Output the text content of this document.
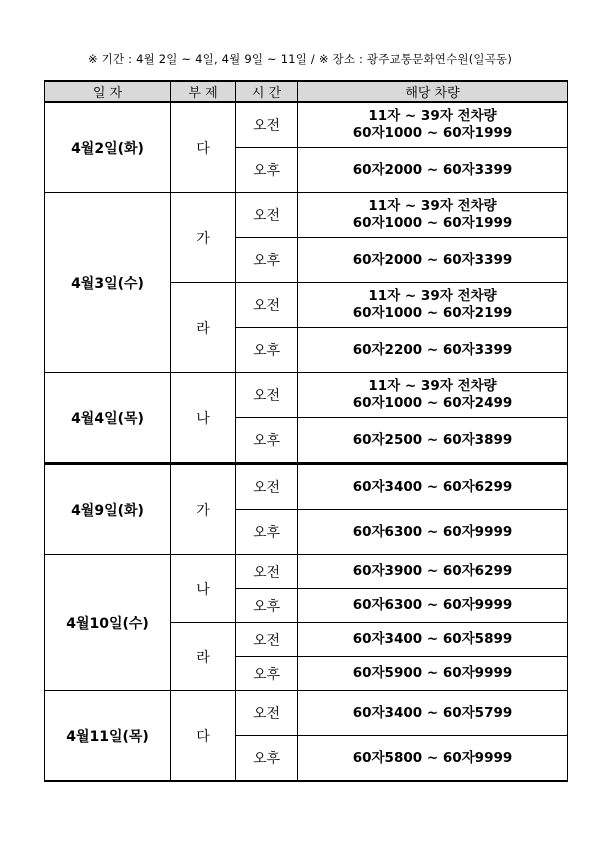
※ 기간 : 4월 2일 ~ 4일, 4월 9일 ~ 11일 / ※ 장소 : 광주교통문화연수원(일곡동)
일 자	부 제	시 간	해당 차량
4월2일(화)	다	오전	11자 ~ 39자 전차량
60자1000 ~ 60자1999

		오후	60자2000 ~ 60자3399
4월3일(수)	가	오전	11자 ~ 39자 전차량
60자1000 ~ 60자1999

		오후	60자2000 ~ 60자3399
	라	오전	11자 ~ 39자 전차량
60자1000 ~ 60자2199

		오후	60자2200 ~ 60자3399
4월4일(목)	나	오전	11자 ~ 39자 전차량
60자1000 ~ 60자2499

		오후	60자2500 ~ 60자3899
4월9일(화)	가	오전	60자3400 ~ 60자6299
		오후	60자6300 ~ 60자9999
4월10일(수)	나	오전	60자3900 ~ 60자6299
		오후	60자6300 ~ 60자9999
	라	오전	60자3400 ~ 60자5899
		오후	60자5900 ~ 60자9999
4월11일(목)	다	오전	60자3400 ~ 60자5799
		오후	60자5800 ~ 60자9999
